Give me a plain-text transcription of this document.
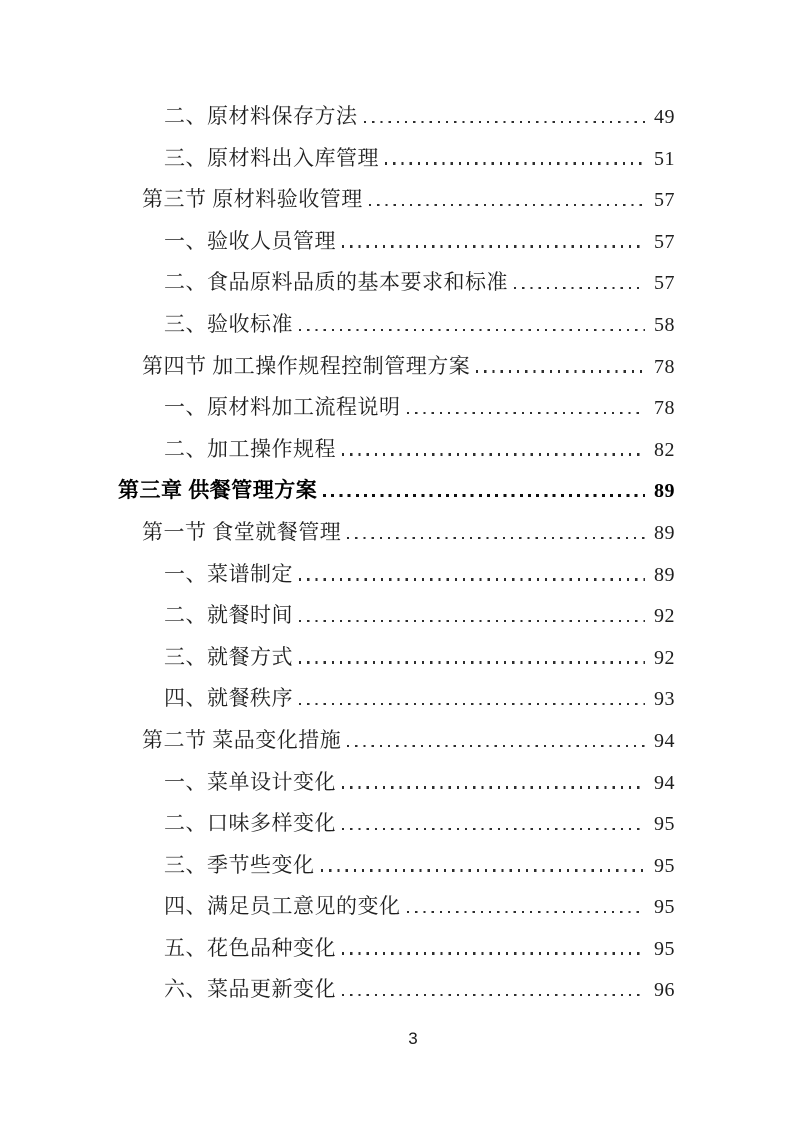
二、原材料保存方法	49
三、原材料出入库管理	51
第三节 原材料验收管理	57
一、验收人员管理	57
二、食品原料品质的基本要求和标准	57
三、验收标准	58
第四节 加工操作规程控制管理方案	78
一、原材料加工流程说明	78
二、加工操作规程	82
第三章 供餐管理方案	89
第一节 食堂就餐管理	89
一、菜谱制定	89
二、就餐时间	92
三、就餐方式	92
四、就餐秩序	93
第二节 菜品变化措施	94
一、菜单设计变化	94
二、口味多样变化	95
三、季节些变化	95
四、满足员工意见的变化	95
五、花色品种变化	95
六、菜品更新变化	96
3
